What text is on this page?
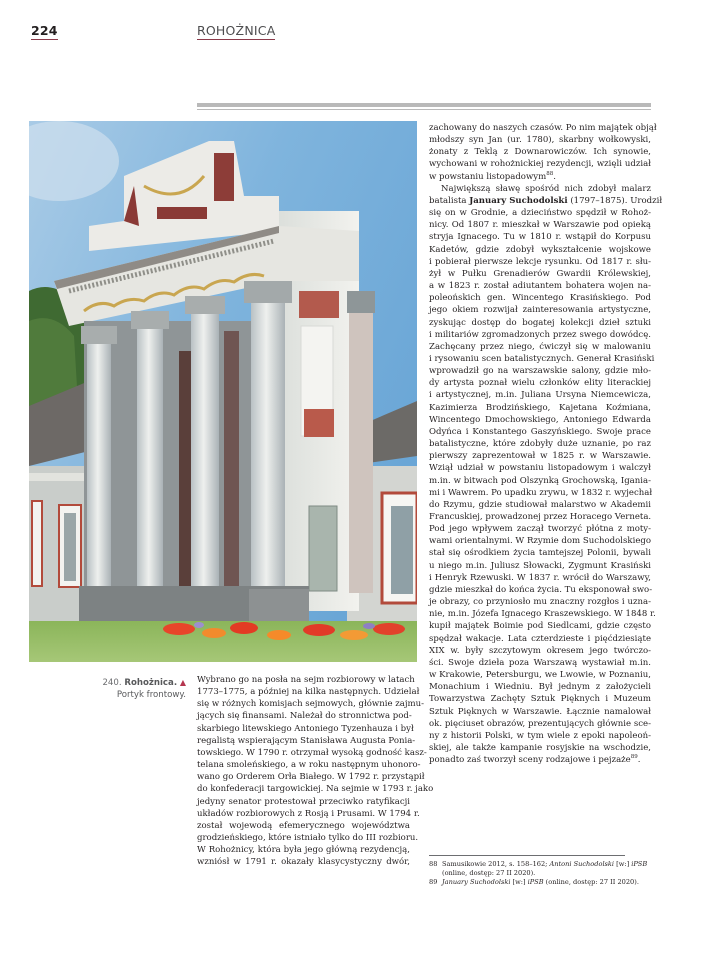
224	ROHOŻNICA
240. Rohożnica. ▲
Portyk frontowy.
Wybrano go na posła na sejm rozbiorowy w latach
1773–1775, a później na kilka następnych. Udzielał
się w różnych komisjach sejmowych, głównie zajmu-
jących się finansami. Należał do stronnictwa pod-
skarbiego litewskiego Antoniego Tyzenhauza i był
regalistą wspierającym Stanisława Augusta Ponia-
towskiego. W 1790 r. otrzymał wysoką godność kasz-
telana smoleńskiego, a w roku następnym uhonoro-
wano go Orderem Orła Białego. W 1792 r. przystąpił
do konfederacji targowickiej. Na sejmie w 1793 r. jako
jedyny senator protestował przeciwko ratyfikacji
układów rozbiorowych z Rosją i Prusami. W 1794 r.
został wojewodą efemerycznego województwa
grodzieńskiego, które istniało tylko do III rozbioru.
W Rohożnicy, która była jego główną rezydencją,
wzniósł w 1791 r. okazały klasycystyczny dwór,
zachowany do naszych czasów. Po nim majątek objął
młodszy syn Jan (ur. 1780), skarbny wołkowyski,
żonaty z Teklą z Downarowiczów. Ich synowie,
wychowani w rohożnickiej rezydencji, wzięli udział
w powstaniu listopadowym$^{88}$.
Największą sławę spośród nich zdobył malarz
batalista January Suchodolski (1797–1875). Urodził
się on w Grodnie, a dzieciństwo spędził w Rohoż-
nicy. Od 1807 r. mieszkał w Warszawie pod opieką
stryja Ignacego. Tu w 1810 r. wstąpił do Korpusu
Kadetów, gdzie zdobył wykształcenie wojskowe
i pobierał pierwsze lekcje rysunku. Od 1817 r. słu-
żył w Pułku Grenadierów Gwardii Królewskiej,
a w 1823 r. został adiutantem bohatera wojen na-
poleońskich gen. Wincentego Krasińskiego. Pod
jego okiem rozwijał zainteresowania artystyczne,
zyskując dostęp do bogatej kolekcji dzieł sztuki
i militariów zgromadzonych przez swego dowódcę.
Zachęcany przez niego, ćwiczył się w malowaniu
i rysowaniu scen batalistycznych. Generał Krasiński
wprowadził go na warszawskie salony, gdzie mło-
dy artysta poznał wielu członków elity literackiej
i artystycznej, m.in. Juliana Ursyna Niemcewicza,
Kazimierza Brodzińskiego, Kajetana Koźmiana,
Wincentego Dmochowskiego, Antoniego Edwarda
Odyńca i Konstantego Gaszyńskiego. Swoje prace
batalistyczne, które zdobyły duże uznanie, po raz
pierwszy zaprezentował w 1825 r. w Warszawie.
Wziął udział w powstaniu listopadowym i walczył
m.in. w bitwach pod Olszynką Grochowską, Igania-
mi i Wawrem. Po upadku zrywu, w 1832 r. wyjechał
do Rzymu, gdzie studiował malarstwo w Akademii
Francuskiej, prowadzonej przez Horacego Verneta.
Pod jego wpływem zaczął tworzyć płótna z moty-
wami orientalnymi. W Rzymie dom Suchodolskiego
stał się ośrodkiem życia tamtejszej Polonii, bywali
u niego m.in. Juliusz Słowacki, Zygmunt Krasiński
i Henryk Rzewuski. W 1837 r. wrócił do Warszawy,
gdzie mieszkał do końca życia. Tu eksponował swo-
je obrazy, co przyniosło mu znaczny rozgłos i uzna-
nie, m.in. Józefa Ignacego Kraszewskiego. W 1848 r.
kupił majątek Boimie pod Siedlcami, gdzie często
spędzał wakacje. Lata czterdzieste i pięćdziesiąte
XIX w. były szczytowym okresem jego twórczo-
ści. Swoje dzieła poza Warszawą wystawiał m.in.
w Krakowie, Petersburgu, we Lwowie, w Poznaniu,
Monachium i Wiedniu. Był jednym z założycieli
Towarzystwa Zachęty Sztuk Pięknych i Muzeum
Sztuk Pięknych w Warszawie. Łącznie namalował
ok. pięciuset obrazów, prezentujących głównie sce-
ny z historii Polski, w tym wiele z epoki napoleoń-
skiej, ale także kampanie rosyjskie na wschodzie,
ponadto zaś tworzył sceny rodzajowe i pejzaże$^{89}$.
88 Samusikowie 2012, s. 158–162; Antoni Suchodolski [w:] iPSB
(online, dostęp: 27 II 2020).
89 January Suchodolski [w:] iPSB (online, dostęp: 27 II 2020).
